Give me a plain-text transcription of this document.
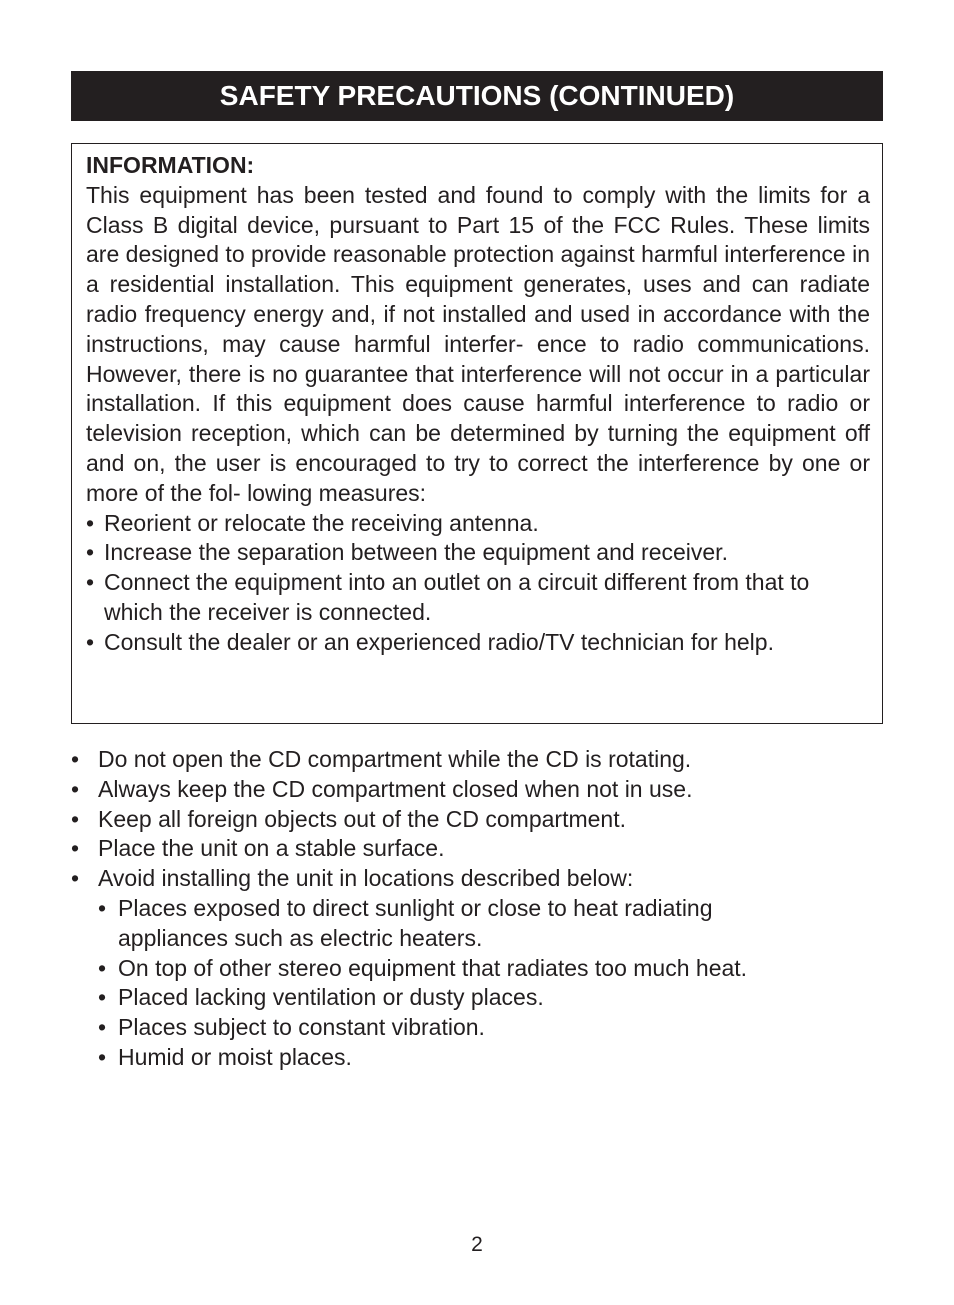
SAFETY PRECAUTIONS (CONTINUED)
INFORMATION:

This equipment has been tested and found to comply with the limits for a Class B digital device, pursuant to Part 15 of the FCC Rules. These limits are designed to provide reasonable protection against harmful interference in a residential installation. This equipment generates, uses and can radiate radio frequency energy and, if not installed and used in accordance with the instructions, may cause harmful interfer- ence to radio communications. However, there is no guarantee that interference will not occur in a particular installation. If this equipment does cause harmful interference to radio or television reception, which can be determined by turning the equipment off and on, the user is encouraged to try to correct the interference by one or more of the fol- lowing measures:

• Reorient or relocate the receiving antenna.
• Increase the separation between the equipment and receiver.
• Connect the equipment into an outlet on a circuit different from that to which the receiver is connected.
• Consult the dealer or an experienced radio/TV technician for help.
• Do not open the CD compartment while the CD is rotating.
• Always keep the CD compartment closed when not in use.
• Keep all foreign objects out of the CD compartment.
• Place the unit on a stable surface.
• Avoid installing the unit in locations described below:
• Places exposed to direct sunlight or close to heat radiating appliances such as electric heaters.
• On top of other stereo equipment that radiates too much heat.
• Placed lacking ventilation or dusty places.
• Places subject to constant vibration.
• Humid or moist places.
2
